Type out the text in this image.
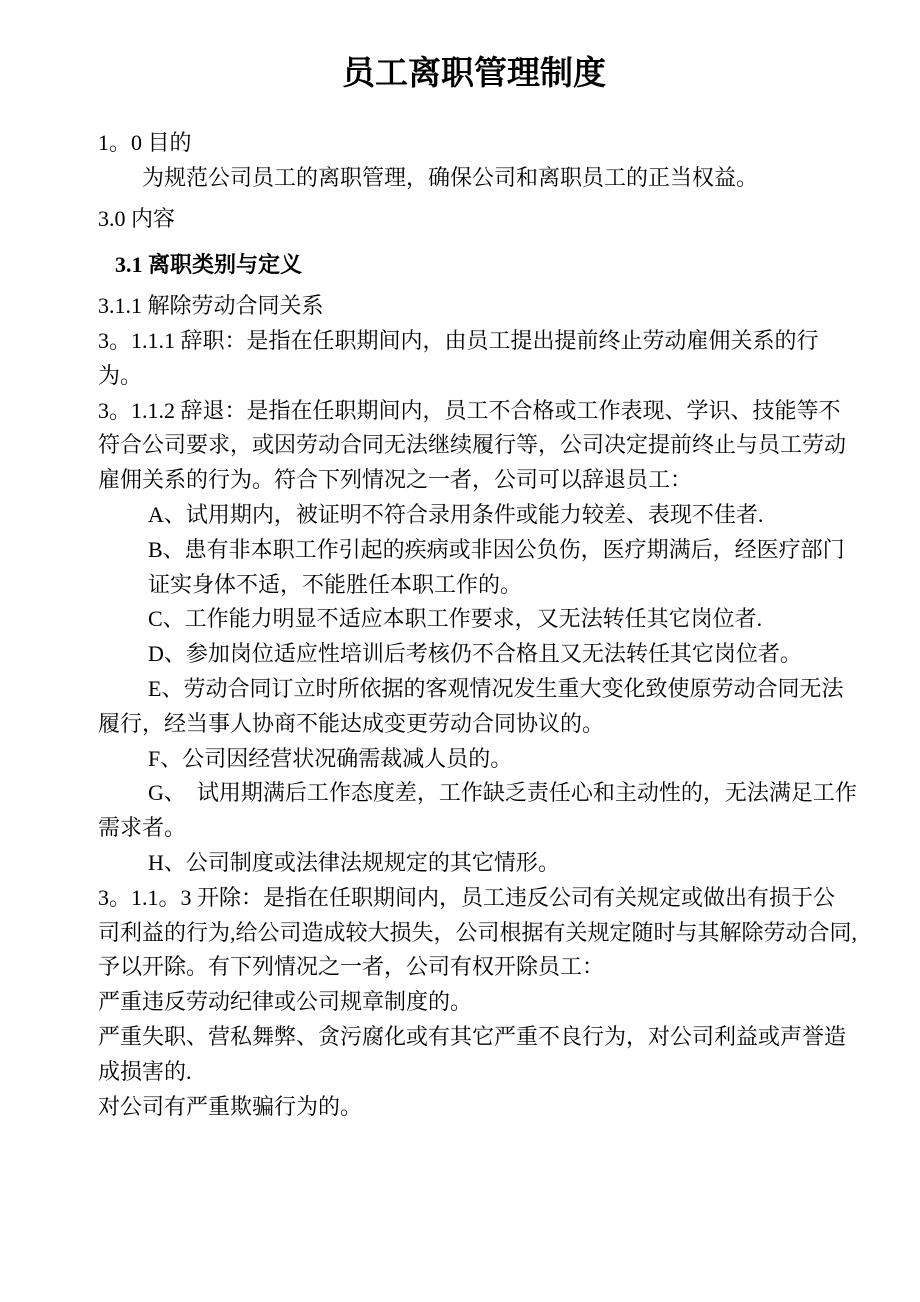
员工离职管理制度
1。0 目的
为规范公司员工的离职管理，确保公司和离职员工的正当权益。
3.0 内容
3.1 离职类别与定义
3.1.1 解除劳动合同关系
3。1.1.1 辞职：是指在任职期间内，由员工提出提前终止劳动雇佣关系的行
为。
3。1.1.2 辞退：是指在任职期间内，员工不合格或工作表现、学识、技能等不
符合公司要求，或因劳动合同无法继续履行等，公司决定提前终止与员工劳动
雇佣关系的行为。符合下列情况之一者，公司可以辞退员工：
A、试用期内，被证明不符合录用条件或能力较差、表现不佳者.
B、患有非本职工作引起的疾病或非因公负伤，医疗期满后，经医疗部门
证实身体不适，不能胜任本职工作的。
C、工作能力明显不适应本职工作要求，又无法转任其它岗位者.
D、参加岗位适应性培训后考核仍不合格且又无法转任其它岗位者。
E、劳动合同订立时所依据的客观情况发生重大变化致使原劳动合同无法
履行，经当事人协商不能达成变更劳动合同协议的。
F、公司因经营状况确需裁减人员的。
G、　试用期满后工作态度差，工作缺乏责任心和主动性的，无法满足工作
需求者。
H、公司制度或法律法规规定的其它情形。
3。1.1。3 开除：是指在任职期间内，员工违反公司有关规定或做出有损于公
司利益的行为,给公司造成较大损失，公司根据有关规定随时与其解除劳动合同,
予以开除。有下列情况之一者，公司有权开除员工：
严重违反劳动纪律或公司规章制度的。
严重失职、营私舞弊、贪污腐化或有其它严重不良行为，对公司利益或声誉造
成损害的.
对公司有严重欺骗行为的。
